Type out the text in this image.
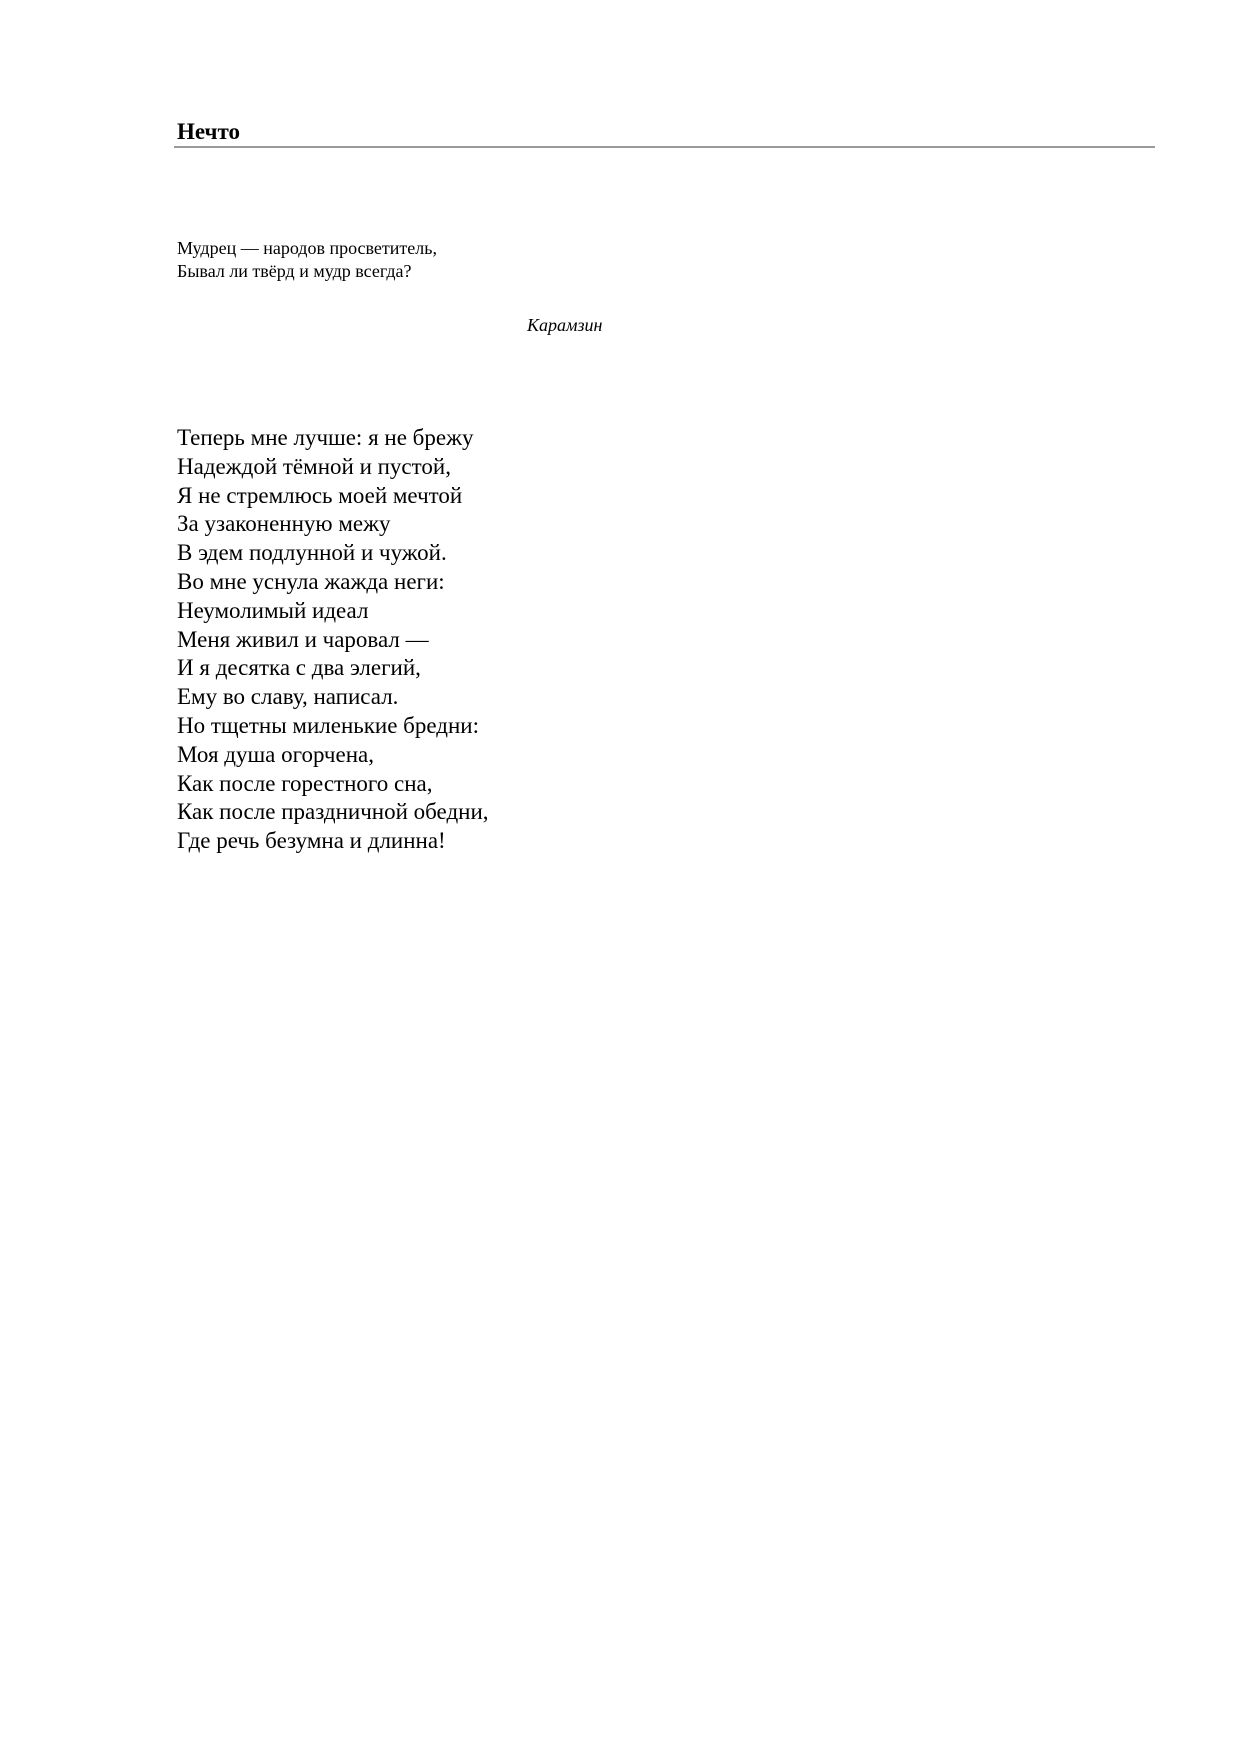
Нечто
Мудрец — народов просветитель,
Бывал ли твёрд и мудр всегда?
Карамзин
Теперь мне лучше: я не брежу
Надеждой тёмной и пустой,
Я не стремлюсь моей мечтой
За узаконенную межу
В эдем подлунной и чужой.
Во мне уснула жажда неги:
Неумолимый идеал
Меня живил и чаровал —
И я десятка с два элегий,
Ему во славу, написал.
Но тщетны миленькие бредни:
Моя душа огорчена,
Как после горестного сна,
Как после праздничной обедни,
Где речь безумна и длинна!
